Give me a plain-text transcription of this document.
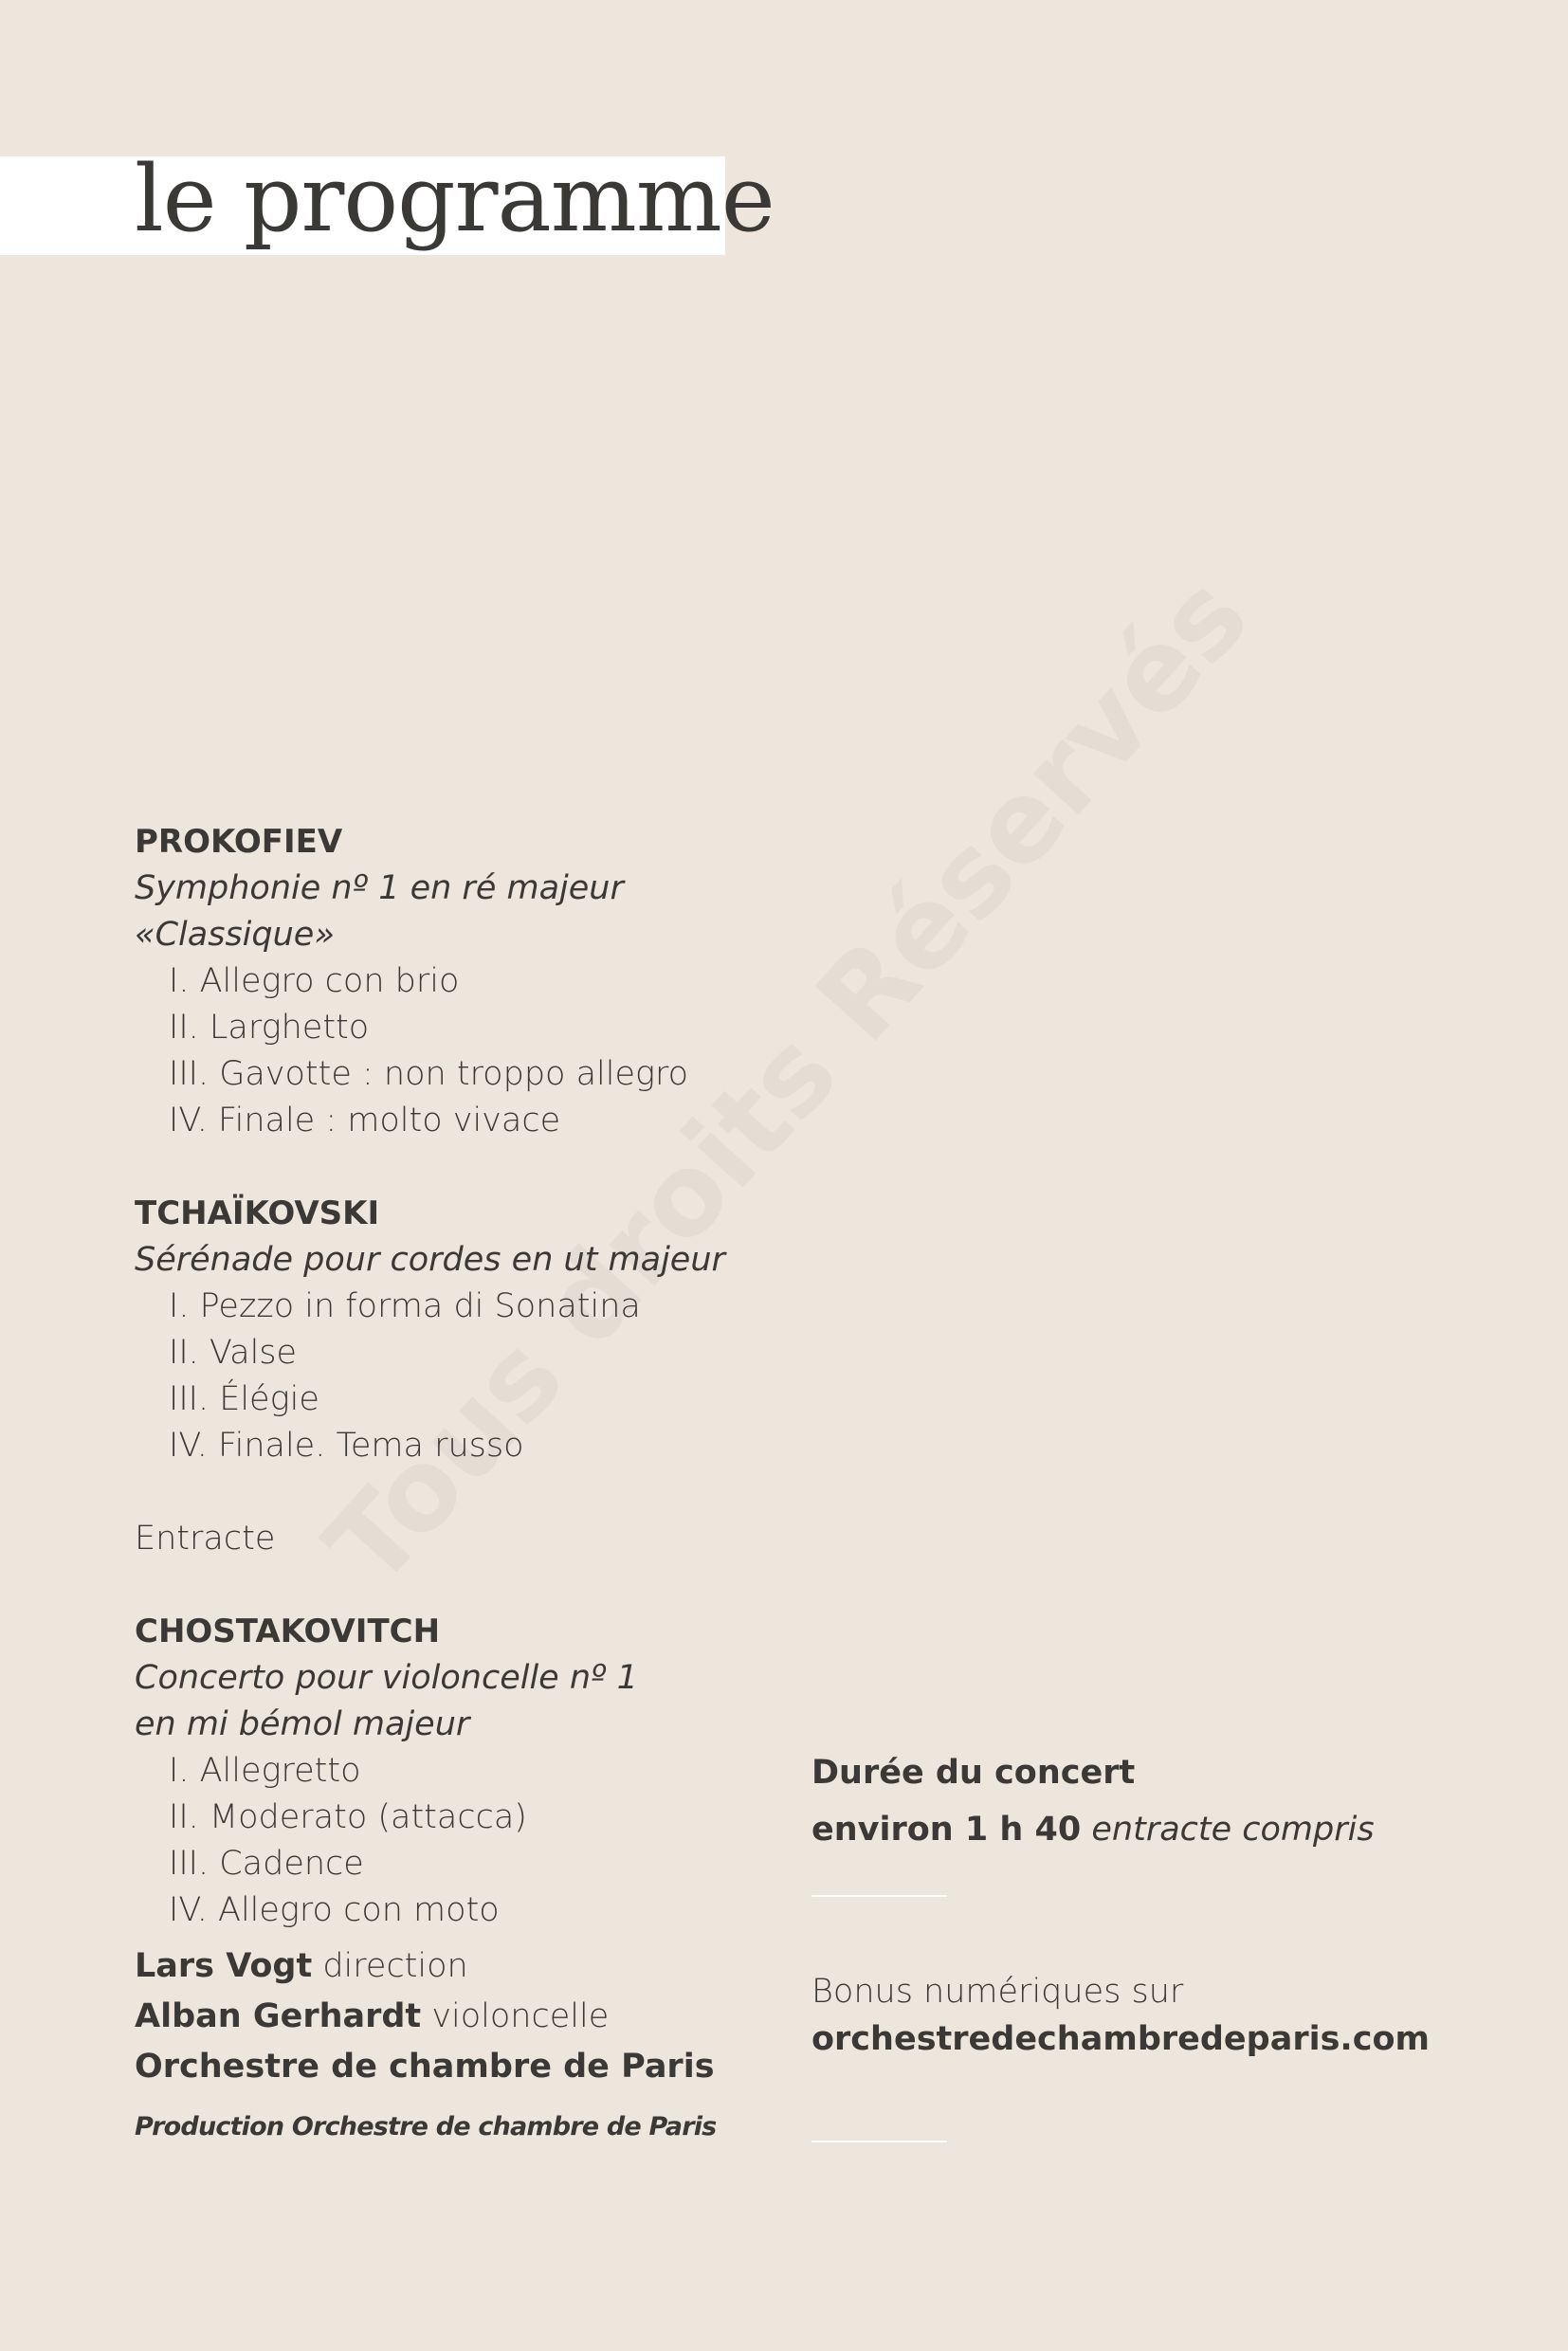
le programme
PROKOFIEV
Symphonie nº 1 en ré majeur «Classique»
I. Allegro con brio
II. Larghetto
III. Gavotte : non troppo allegro
IV. Finale : molto vivace
TCHAÏKOVSKI
Sérénade pour cordes en ut majeur
I. Pezzo in forma di Sonatina
II. Valse
III. Élégie
IV. Finale. Tema russo
Entracte
CHOSTAKOVITCH
Concerto pour violoncelle nº 1
en mi bémol majeur
I. Allegretto
II. Moderato (attacca)
III. Cadence
IV. Allegro con moto
Lars Vogt direction
Alban Gerhardt violoncelle
Orchestre de chambre de Paris
Production Orchestre de chambre de Paris
Durée du concert
environ 1 h 40 entracte compris
Bonus numériques sur
orchestredechambredeparis.com
